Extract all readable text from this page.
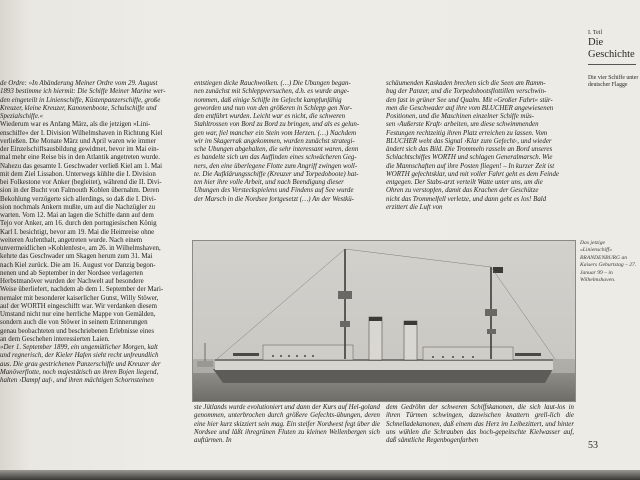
de Ordre: »In Abänderung Meiner Ordre vom 29. August
1893 bestimme ich hiermit: Die Schiffe Meiner Marine wer-
den eingeteilt in Linienschiffe, Küstenpanzerschiffe, große
Kreuzer, kleine Kreuzer, Kanonenboote, Schulschiffe und
Spezialschiffe.«
Wiederum war es Anfang März, als die jetzigen »Lini-
enschiffe« der I. Division Wilhelmshaven in Richtung Kiel
verließen. Die Monate März und April waren wie immer
der Einzelschiffsausbildung gewidmet, bevor im Mai ein-
mal mehr eine Reise bis in den Atlantik angetreten wurde.
Nahezu das gesamte I. Geschwader verließ Kiel am 1. Mai
mit dem Ziel Lissabon. Unterwegs kühlte die I. Division
bei Folkestone vor Anker (begleitet), während die II. Divi-
sion in der Bucht von Falmouth Koblen übernahm. Deren
Bekohlung verzögerte sich allerdings, so daß die I. Divi-
sion nochmals Ankern mußte, um auf die Nachzügler zu
warten. Vom 12. Mai an lagen die Schiffe dann auf dem
Tejo vor Anker, am 16. durch den portugiesischen König
Karl I. besichtigt, bevor am 19. Mai die Heimreise ohne
weiteren Aufenthalt, angetreten wurde. Nach einem
unvermeidlichen »Kohlenfest«, am 26. in Wilhelmshaven,
kehrte das Geschwader um Skagen herum zum 31. Mai
nach Kiel zurück. Die am 16. August vor Danzig begon-
nenen und ab September in der Nordsee verlagerten
Herbstmanöver wurden der Nachwelt auf besondere
Weise überliefert, nachdem ab dem 1. September der Mari-
nemaler mit besonderer kaiserlicher Gunst, Willy Stöwer,
auf der WÖRTH eingeschifft war. Wir verdanken diesem
Umstand nicht nur eine herrliche Mappe von Gemälden,
sondern auch die von Stöwer in seinem Erinnerungen
genau beobachteten und beschriebenen Erlebnisse eines
an dem Geschehen interessierten Laien.
»Der 1. September 1899, ein ungemütlicher Morgen, kalt
und regnerisch, der Kieler Hafen sieht recht unfreundlich
aus. Die grau gestrichenen Panzerschiffe und Kreuzer der
Manöverflotte, noch majestätisch an ihren Bojen liegend,
halten ›Dampf auf‹, und ihren mächtigen Schornsteinen
entstiegen dicke Rauchwolken. (…) Die Übungen began-
nen zunächst mit Schleppversuchen, d.h. es wurde ange-
nommen, daß einige Schiffe im Gefecht kampfunfähig
geworden und nun von den größeren in Schlepp gen Nor-
den entführt wurden. Leicht war es nicht, die schweren
Stahltrossen von Bord zu Bord zu bringen, und als es gelun-
gen war, fiel mancher ein Stein vom Herzen. (…) Nachdem
wir im Skagerrak angekommen, wurden zunächst strategi-
sche Übungen abgehalten, die sehr interessant waren, denn
es handelte sich um das Auffinden eines schwächeren Geg-
ners, den eine überlegene Flotte zum Angriff zwingen woll-
te. Die Aufklärungsschiffe (Kreuzer und Torpedoboote) hat-
ten hier ihre volle Arbeit, und nach Beendigung dieser
Übungen des Versteckspielens und Findens auf See wurde
der Marsch in die Nordsee fortgesetzt (…) An der Westkü-
schäumenden Kaskaden brechen sich die Seen am Ramm-
bug der Panzer, und die Torpedobootsflottillen verschwin-
den fast in grüner See und Qualm. Mit »Großer Fahrt« stür-
men die Geschwader auf ihre vom BLÜCHER angewiesenen
Positionen, und die Maschinen einzelner Schiffe müs-
sen ›Äußerste Kraft‹ arbeiten, um diese schwimmenden
Festungen rechtzeitig ihren Platz erreichen zu lassen. Vom
BLÜCHER weht das Signal ›Klar zum Gefecht‹, und wieder
ändert sich das Bild. Die Trommeln rasseln an Bord unseres
Schlachtschiffes WÖRTH und schlagen Generalmarsch. Wie
die Mannschaften auf ihre Posten fliegen! – In kurzer Zeit ist
WÖRTH gefechtsklar, und mit voller Fahrt geht es dem Feinde
entgegen. Der Stabs-arzt verteilt Watte unter uns, um die
Ohren zu verstopfen, damit das Krachen der Geschütze
nicht das Trommelfell verletze, und dann geht es los! Bald
erzittert die Luft von
ste Jütlands wurde evolutioniert und dann der Kurs auf Hel-goland genommen, unterbrochen durch größere Gefechts-übungen, deren eine hier kurz skizziert sein mag. Ein steifer Nordwest fegt über die Nordsee und läßt ihregrünen Fluten zu kleinen Wellenbergen sich auftürmen. In
dem Gedröhn der schweren Schiffskanonen, die sich laut-los in ihren Türmen schwingen, dazwischen knattern grell-lich die Schnelladekanonen, daß einem das Herz im Leibezittert, und hinter uns wühlen die Schrauben das hoch-gepeitschte Kielwasser auf, daß sämtliche Regenbogenfarben
I. Teil
Die Geschichte
Die vier Schiffe unter deutscher Flagge
Das jetzige »Linienschiff« BRANDENBURG an Kaisers Geburtstag – 27. Januar 99 – in Wilhelmshaven.
53
